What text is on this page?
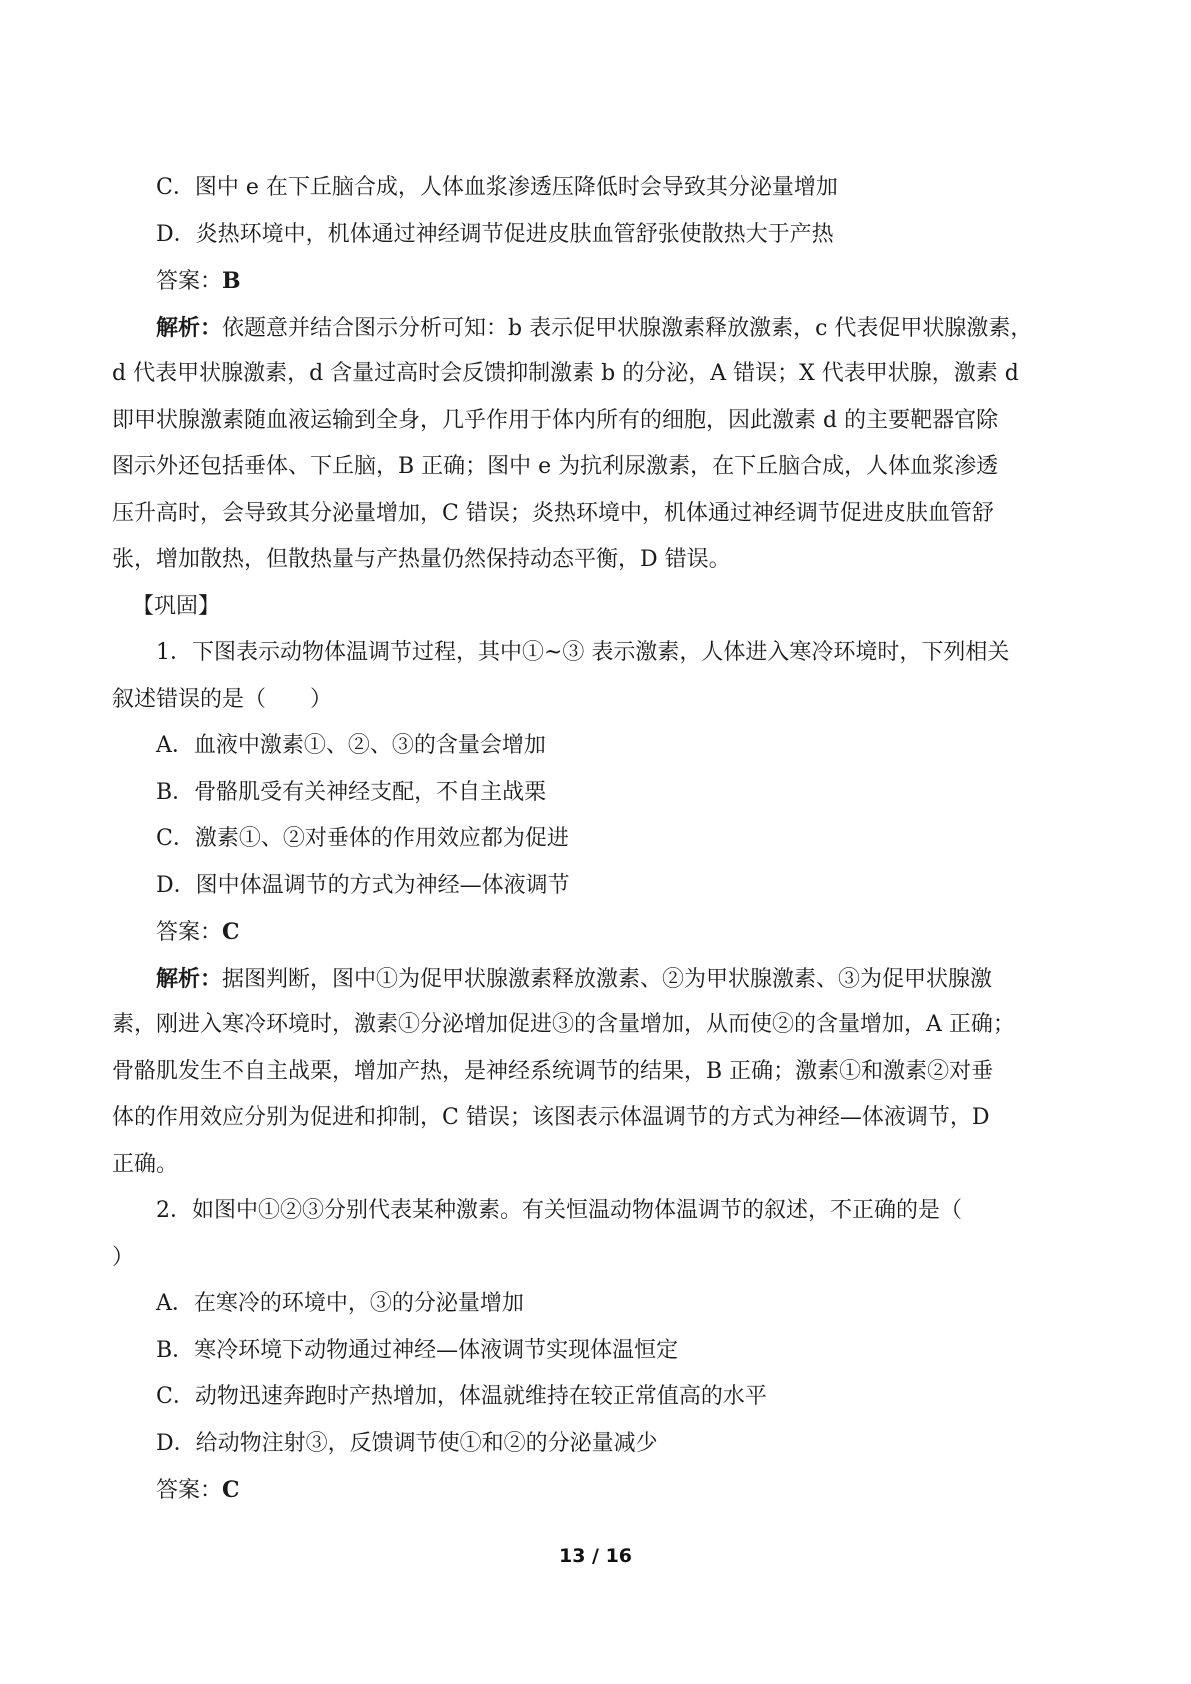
C．图中 e 在下丘脑合成，人体血浆渗透压降低时会导致其分泌量增加
D．炎热环境中，机体通过神经调节促进皮肤血管舒张使散热大于产热
答案：B
解析：依题意并结合图示分析可知：b 表示促甲状腺激素释放激素，c 代表促甲状腺激素，
d 代表甲状腺激素，d 含量过高时会反馈抑制激素 b 的分泌，A 错误；X 代表甲状腺，激素 d
即甲状腺激素随血液运输到全身，几乎作用于体内所有的细胞，因此激素 d 的主要靶器官除
图示外还包括垂体、下丘脑，B 正确；图中 e 为抗利尿激素，在下丘脑合成，人体血浆渗透
压升高时，会导致其分泌量增加，C 错误；炎热环境中，机体通过神经调节促进皮肤血管舒
张，增加散热，但散热量与产热量仍然保持动态平衡，D 错误。
【巩固】
1．下图表示动物体温调节过程，其中①~③ 表示激素，人体进入寒冷环境时，下列相关
叙述错误的是（　　）
A．血液中激素①、②、③的含量会增加
B．骨骼肌受有关神经支配，不自主战栗
C．激素①、②对垂体的作用效应都为促进
D．图中体温调节的方式为神经—体液调节
答案：C
解析：据图判断，图中①为促甲状腺激素释放激素、②为甲状腺激素、③为促甲状腺激
素，刚进入寒冷环境时，激素①分泌增加促进③的含量增加，从而使②的含量增加，A 正确；
骨骼肌发生不自主战栗，增加产热，是神经系统调节的结果，B 正确；激素①和激素②对垂
体的作用效应分别为促进和抑制，C 错误；该图表示体温调节的方式为神经—体液调节，D
正确。
2．如图中①②③分别代表某种激素。有关恒温动物体温调节的叙述，不正确的是（
）
A．在寒冷的环境中，③的分泌量增加
B．寒冷环境下动物通过神经—体液调节实现体温恒定
C．动物迅速奔跑时产热增加，体温就维持在较正常值高的水平
D．给动物注射③，反馈调节使①和②的分泌量减少
答案：C
13 / 16
